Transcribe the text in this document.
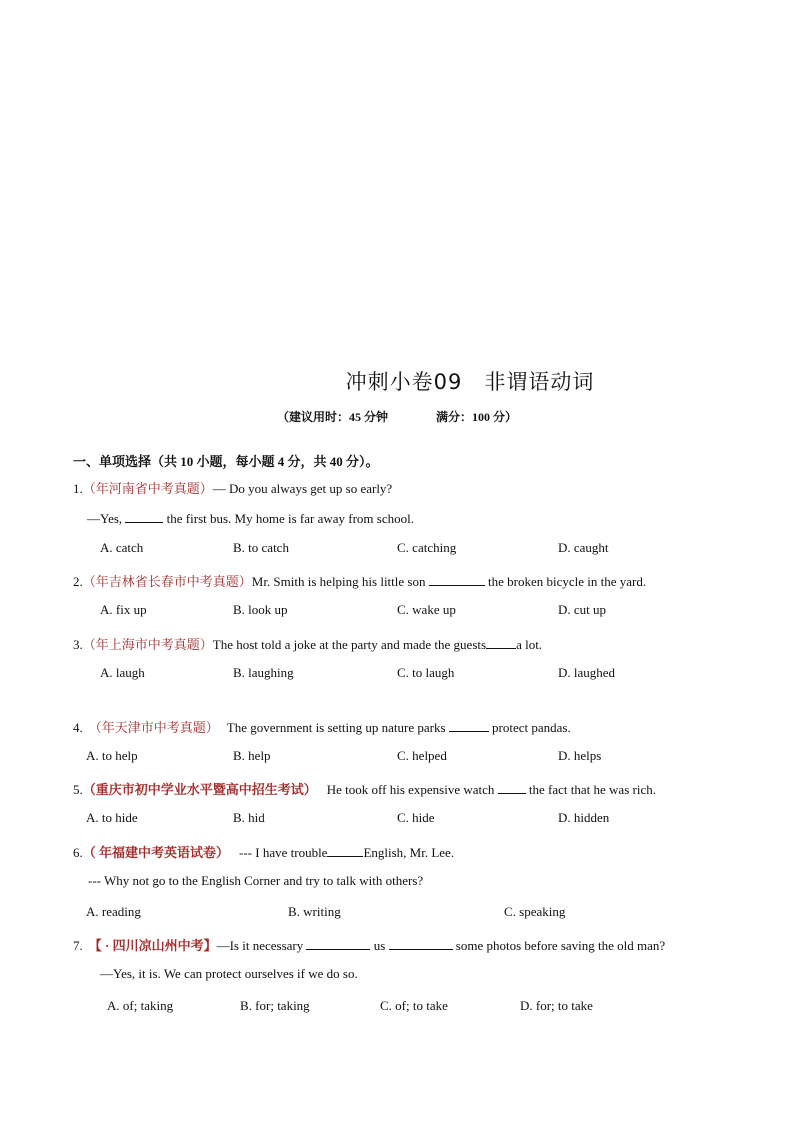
冲刺小卷09　非谓语动词
（建议用时：45 分钟	满分：100 分）
一、单项选择（共 10 小题，每小题 4 分，共 40 分）。
1.（年河南省中考真题）— Do you always get up so early?
—Yes,	the first bus. My home is far away from school.
A. catch	B. to catch	C. catching	D. caught
2.（年吉林省长春市中考真题）Mr. Smith is helping his little son	the broken bicycle in the yard.
A. fix up	B. look up	C. wake up	D. cut up
3.（年上海市中考真题）The host told a joke at the party and made the guests a lot.
A. laugh	B. laughing	C. to laugh	D. laughed
4. （年天津市中考真题） The government is setting up nature parks	protect pandas.
A. to help	B. help	C. helped	D. helps
5.（重庆市初中学业水平暨高中招生考试） He took off his expensive watch  the fact that he was rich.
A. to hide	B. hid	C. hide	D. hidden
6.（ 年福建中考英语试卷） --- I have trouble	English, Mr. Lee.
--- Why not go to the English Corner and try to talk with others?
A. reading	B. writing	C. speaking
7. 【 · 四川凉山州中考】—Is it necessary	us	some photos before saving the old man?
—Yes, it is. We can protect ourselves if we do so.
A. of; taking	B. for; taking	C. of; to take	D. for; to take
